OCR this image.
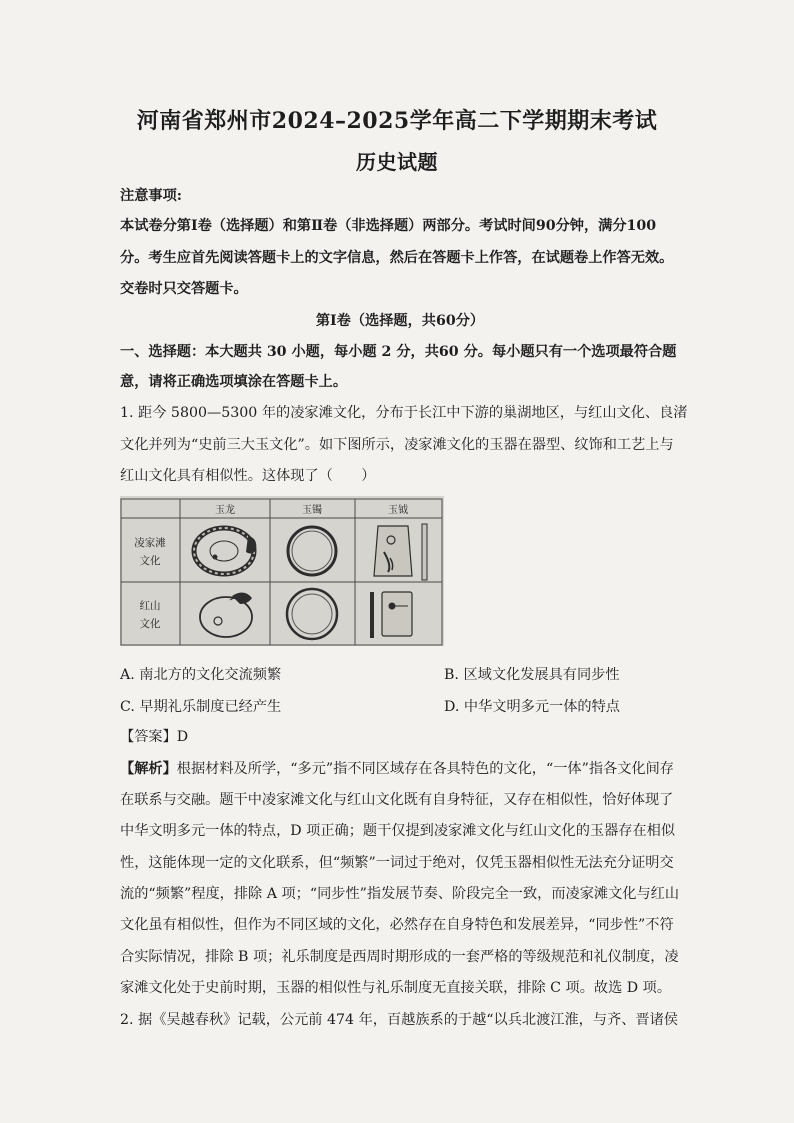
河南省郑州市2024–2025学年高二下学期期末考试
历史试题
注意事项:
本试卷分第Ⅰ卷（选择题）和第Ⅱ卷（非选择题）两部分。考试时间90分钟，满分100
分。考生应首先阅读答题卡上的文字信息，然后在答题卡上作答，在试题卷上作答无效。
交卷时只交答题卡。
第Ⅰ卷（选择题，共60分）
一、选择题：本大题共 30 小题，每小题 2 分，共60 分。每小题只有一个选项最符合题
意，请将正确选项填涂在答题卡上。
1. 距今 5800—5300 年的凌家滩文化，分布于长江中下游的巢湖地区，与红山文化、良渚
文化并列为“史前三大玉文化”。如下图所示，凌家滩文化的玉器在器型、纹饰和工艺上与
红山文化具有相似性。这体现了（　　）
玉龙	玉镯	玉钺
凌家滩
文化
红山
文化
A. 南北方的文化交流频繁	B. 区域文化发展具有同步性
C. 早期礼乐制度已经产生	D. 中华文明多元一体的特点
【答案】D
【解析】根据材料及所学，“多元”指不同区域存在各具特色的文化，“一体”指各文化间存
在联系与交融。题干中凌家滩文化与红山文化既有自身特征，又存在相似性，恰好体现了
中华文明多元一体的特点，D 项正确；题干仅提到凌家滩文化与红山文化的玉器存在相似
性，这能体现一定的文化联系，但“频繁”一词过于绝对，仅凭玉器相似性无法充分证明交
流的“频繁”程度，排除 A 项；“同步性”指发展节奏、阶段完全一致，而凌家滩文化与红山
文化虽有相似性，但作为不同区域的文化，必然存在自身特色和发展差异，“同步性”不符
合实际情况，排除 B 项；礼乐制度是西周时期形成的一套严格的等级规范和礼仪制度，凌
家滩文化处于史前时期，玉器的相似性与礼乐制度无直接关联，排除 C 项。故选 D 项。
2. 据《吴越春秋》记载，公元前 474 年，百越族系的于越“以兵北渡江淮，与齐、晋诸侯
